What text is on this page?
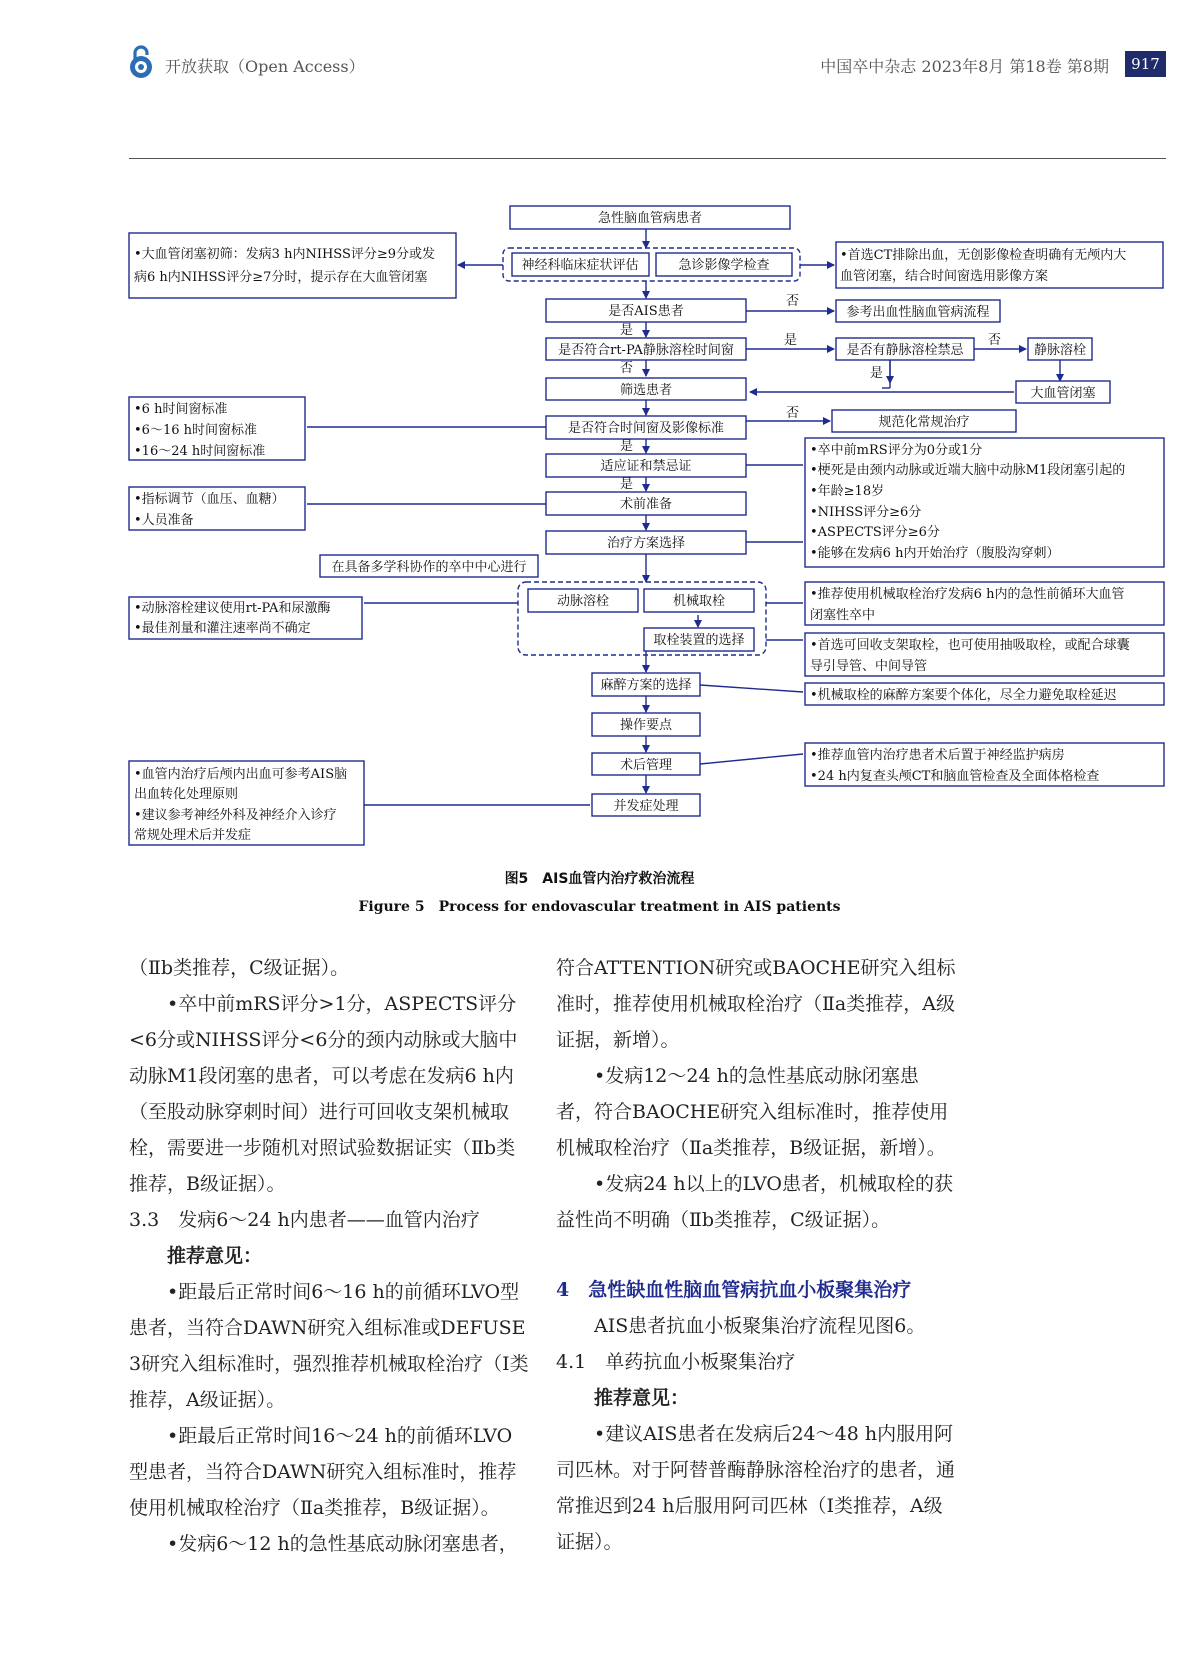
开放获取（Open Access）	中国卒中杂志 2023年8月 第18卷 第8期	917
否
是
是	否
是
否
否
是
是
急性脑血管病患者
神经科临床症状评估	急诊影像学检查
是否AIS患者	参考出血性脑血管病流程
是否符合rt-PA静脉溶栓时间窗	是否有静脉溶栓禁忌	静脉溶栓
大血管闭塞
筛选患者
是否符合时间窗及影像标准	规范化常规治疗
适应证和禁忌证
术前准备
治疗方案选择
在具备多学科协作的卒中中心进行
动脉溶栓	机械取栓
取栓装置的选择
麻醉方案的选择
操作要点
术后管理
并发症处理
•大血管闭塞初筛：发病3 h内NIHSS评分≥9分或发
病6 h内NIHSS评分≥7分时，提示存在大血管闭塞
•首选CT排除出血，无创影像检查明确有无颅内大
血管闭塞，结合时间窗选用影像方案
•6 h时间窗标准
•6～16 h时间窗标准
•16～24 h时间窗标准	•卒中前mRS评分为0分或1分
•梗死是由颈内动脉或近端大脑中动脉M1段闭塞引起的
•年龄≥18岁
•NIHSS评分≥6分
•ASPECTS评分≥6分
•能够在发病6 h内开始治疗（腹股沟穿刺）
•指标调节（血压、血糖）
•人员准备
•动脉溶栓建议使用rt-PA和尿激酶
•最佳剂量和灌注速率尚不确定
•推荐使用机械取栓治疗发病6 h内的急性前循环大血管
闭塞性卒中
•首选可回收支架取栓，也可使用抽吸取栓，或配合球囊
导引导管、中间导管
•机械取栓的麻醉方案要个体化，尽全力避免取栓延迟
•推荐血管内治疗患者术后置于神经监护病房
•24 h内复查头颅CT和脑血管检查及全面体格检查
•血管内治疗后颅内出血可参考AIS脑
出血转化处理原则
•建议参考神经外科及神经介入诊疗
常规处理术后并发症
图5　AIS血管内治疗救治流程
Figure 5　Process for endovascular treatment in AIS patients

（Ⅱb类推荐，C级证据）。

•卒中前mRS评分>1分，ASPECTS评分<6分或NIHSS评分<6分的颈内动脉或大脑中动脉M1段闭塞的患者，可以考虑在发病6 h内（至股动脉穿刺时间）进行可回收支架机械取栓，需要进一步随机对照试验数据证实（Ⅱb类推荐，B级证据）。

3.3　发病6～24 h内患者——血管内治疗

推荐意见：

•距最后正常时间6～16 h的前循环LVO型患者，当符合DAWN研究入组标准或DEFUSE 3研究入组标准时，强烈推荐机械取栓治疗（Ⅰ类推荐，A级证据）。

•距最后正常时间16～24 h的前循环LVO型患者，当符合DAWN研究入组标准时，推荐使用机械取栓治疗（Ⅱa类推荐，B级证据）。

•发病6～12 h的急性基底动脉闭塞患者，

符合ATTENTION研究或BAOCHE研究入组标准时，推荐使用机械取栓治疗（Ⅱa类推荐，A级证据，新增）。

•发病12～24 h的急性基底动脉闭塞患者，符合BAOCHE研究入组标准时，推荐使用机械取栓治疗（Ⅱa类推荐，B级证据，新增）。

•发病24 h以上的LVO患者，机械取栓的获益性尚不明确（Ⅱb类推荐，C级证据）。

4　急性缺血性脑血管病抗血小板聚集治疗

AIS患者抗血小板聚集治疗流程见图6。

4.1　单药抗血小板聚集治疗

推荐意见：

•建议AIS患者在发病后24～48 h内服用阿司匹林。对于阿替普酶静脉溶栓治疗的患者，通常推迟到24 h后服用阿司匹林（Ⅰ类推荐，A级证据）。
